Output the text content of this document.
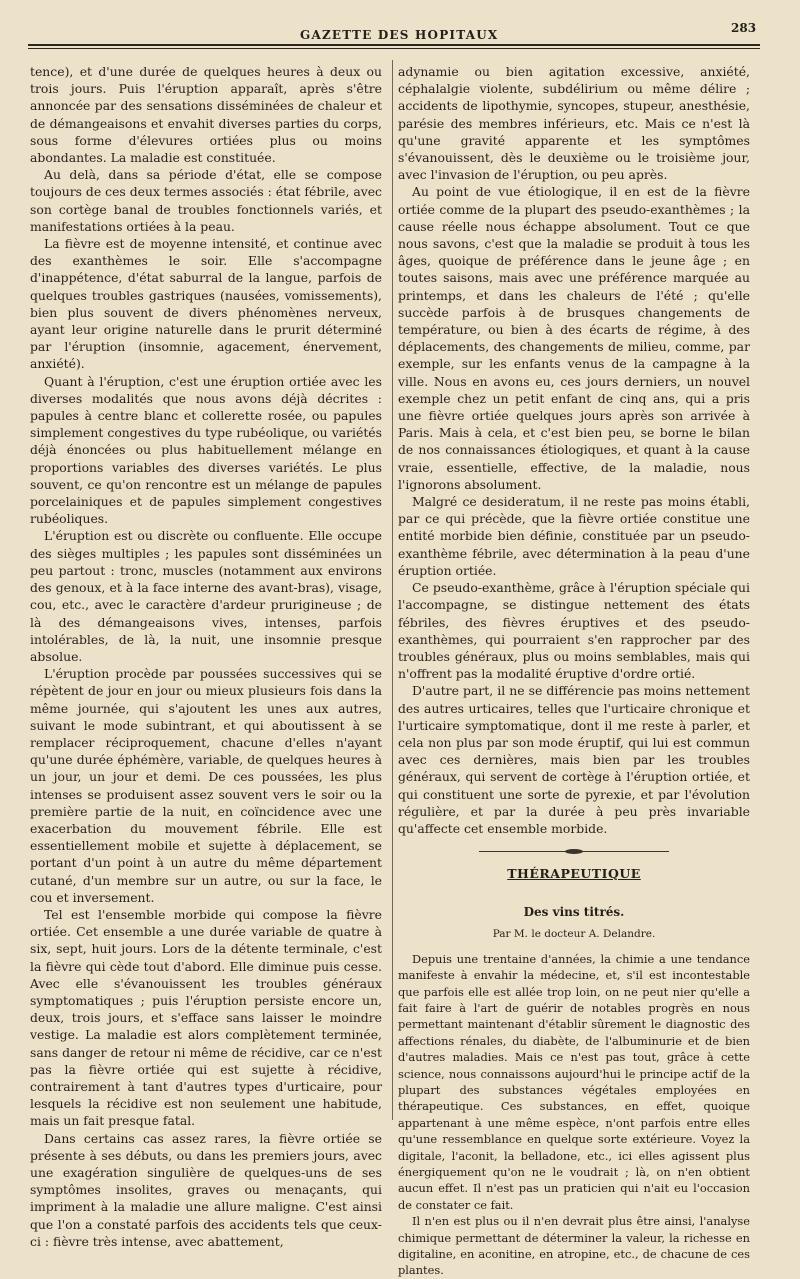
GAZETTE DES HOPITAUX	283

tence), et d'une durée de quelques heures à deux ou trois jours. Puis l'éruption apparaît, après s'être annoncée par des sensations disséminées de chaleur et de démangeaisons et envahit diverses parties du corps, sous forme d'élevures ortiées plus ou moins abondantes. La maladie est constituée.

Au delà, dans sa période d'état, elle se compose toujours de ces deux termes associés : état fébrile, avec son cortège banal de troubles fonctionnels variés, et manifestations ortiées à la peau.

La fièvre est de moyenne intensité, et continue avec des exanthèmes le soir. Elle s'accompagne d'inappétence, d'état saburral de la langue, parfois de quelques troubles gastriques (nausées, vomissements), bien plus souvent de divers phénomènes nerveux, ayant leur origine naturelle dans le prurit déterminé par l'éruption (insomnie, agacement, énervement, anxiété).

Quant à l'éruption, c'est une éruption ortiée avec les diverses modalités que nous avons déjà décrites : papules à centre blanc et collerette rosée, ou papules simplement congestives du type rubéolique, ou variétés déjà énoncées ou plus habituellement mélange en proportions variables des diverses variétés. Le plus souvent, ce qu'on rencontre est un mélange de papules porcelainiques et de papules simplement congestives rubéoliques.

L'éruption est ou discrète ou confluente. Elle occupe des sièges multiples ; les papules sont disséminées un peu partout : tronc, muscles (notamment aux environs des genoux, et à la face interne des avant-bras), visage, cou, etc., avec le caractère d'ardeur prurigineuse ; de là des démangeaisons vives, intenses, parfois intolérables, de là, la nuit, une insomnie presque absolue.

L'éruption procède par poussées successives qui se répètent de jour en jour ou mieux plusieurs fois dans la même journée, qui s'ajoutent les unes aux autres, suivant le mode subintrant, et qui aboutissent à se remplacer réciproquement, chacune d'elles n'ayant qu'une durée éphémère, variable, de quelques heures à un jour, un jour et demi. De ces poussées, les plus intenses se produisent assez souvent vers le soir ou la première partie de la nuit, en coïncidence avec une exacerbation du mouvement fébrile. Elle est essentiellement mobile et sujette à déplacement, se portant d'un point à un autre du même département cutané, d'un membre sur un autre, ou sur la face, le cou et inversement.

Tel est l'ensemble morbide qui compose la fièvre ortiée. Cet ensemble a une durée variable de quatre à six, sept, huit jours. Lors de la détente terminale, c'est la fièvre qui cède tout d'abord. Elle diminue puis cesse. Avec elle s'évanouissent les troubles généraux symptomatiques ; puis l'éruption persiste encore un, deux, trois jours, et s'efface sans laisser le moindre vestige. La maladie est alors complètement terminée, sans danger de retour ni même de récidive, car ce n'est pas la fièvre ortiée qui est sujette à récidive, contrairement à tant d'autres types d'urticaire, pour lesquels la récidive est non seulement une habitude, mais un fait presque fatal.

Dans certains cas assez rares, la fièvre ortiée se présente à ses débuts, ou dans les premiers jours, avec une exagération singulière de quelques-uns de ses symptômes insolites, graves ou menaçants, qui impriment à la maladie une allure maligne. C'est ainsi que l'on a constaté parfois des accidents tels que ceux-ci : fièvre très intense, avec abattement,

adynamie ou bien agitation excessive, anxiété, céphalalgie violente, subdélirium ou même délire ; accidents de lipothymie, syncopes, stupeur, anesthésie, parésie des membres inférieurs, etc. Mais ce n'est là qu'une gravité apparente et les symptômes s'évanouissent, dès le deuxième ou le troisième jour, avec l'invasion de l'éruption, ou peu après.

Au point de vue étiologique, il en est de la fièvre ortiée comme de la plupart des pseudo-exanthèmes ; la cause réelle nous échappe absolument. Tout ce que nous savons, c'est que la maladie se produit à tous les âges, quoique de préférence dans le jeune âge ; en toutes saisons, mais avec une préférence marquée au printemps, et dans les chaleurs de l'été ; qu'elle succède parfois à de brusques changements de température, ou bien à des écarts de régime, à des déplacements, des changements de milieu, comme, par exemple, sur les enfants venus de la campagne à la ville. Nous en avons eu, ces jours derniers, un nouvel exemple chez un petit enfant de cinq ans, qui a pris une fièvre ortiée quelques jours après son arrivée à Paris. Mais à cela, et c'est bien peu, se borne le bilan de nos connaissances étiologiques, et quant à la cause vraie, essentielle, effective, de la maladie, nous l'ignorons absolument.

Malgré ce desideratum, il ne reste pas moins établi, par ce qui précède, que la fièvre ortiée constitue une entité morbide bien définie, constituée par un pseudo-exanthème fébrile, avec détermination à la peau d'une éruption ortiée.

Ce pseudo-exanthème, grâce à l'éruption spéciale qui l'accompagne, se distingue nettement des états fébriles, des fièvres éruptives et des pseudo-exanthèmes, qui pourraient s'en rapprocher par des troubles généraux, plus ou moins semblables, mais qui n'offrent pas la modalité éruptive d'ordre ortié.

D'autre part, il ne se différencie pas moins nettement des autres urticaires, telles que l'urticaire chronique et l'urticaire symptomatique, dont il me reste à parler, et cela non plus par son mode éruptif, qui lui est commun avec ces dernières, mais bien par les troubles généraux, qui servent de cortège à l'éruption ortiée, et qui constituent une sorte de pyrexie, et par l'évolution régulière, et par la durée à peu près invariable qu'affecte cet ensemble morbide.

THÉRAPEUTIQUE
Des vins titrés.
Par M. le docteur A. Delandre.

Depuis une trentaine d'années, la chimie a une tendance manifeste à envahir la médecine, et, s'il est incontestable que parfois elle est allée trop loin, on ne peut nier qu'elle a fait faire à l'art de guérir de notables progrès en nous permettant maintenant d'établir sûrement le diagnostic des affections rénales, du diabète, de l'albuminurie et de bien d'autres maladies. Mais ce n'est pas tout, grâce à cette science, nous connaissons aujourd'hui le principe actif de la plupart des substances végétales employées en thérapeutique. Ces substances, en effet, quoique appartenant à une même espèce, n'ont parfois entre elles qu'une ressemblance en quelque sorte extérieure. Voyez la digitale, l'aconit, la belladone, etc., ici elles agissent plus énergiquement qu'on ne le voudrait ; là, on n'en obtient aucun effet. Il n'est pas un praticien qui n'ait eu l'occasion de constater ce fait.

Il n'en est plus ou il n'en devrait plus être ainsi, l'analyse chimique permettant de déterminer la valeur, la richesse en digitaline, en aconitine, en atropine, etc., de chacune de ces plantes.
